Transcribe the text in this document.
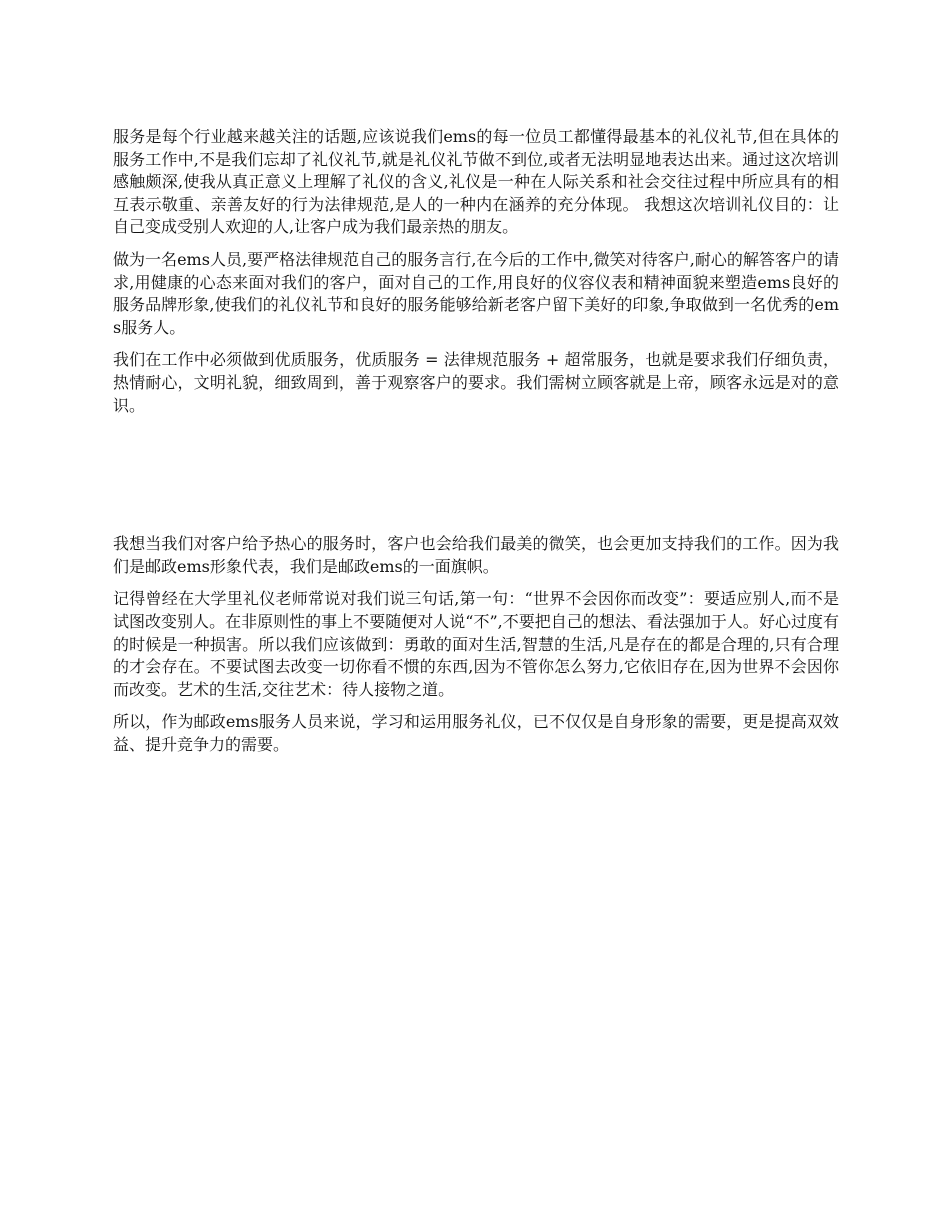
服务是每个行业越来越关注的话题,应该说我们ems的每一位员工都懂得最基本的礼仪礼节,但在具体的服务工作中,不是我们忘却了礼仪礼节,就是礼仪礼节做不到位,或者无法明显地表达出来。通过这次培训感触颇深,使我从真正意义上理解了礼仪的含义,礼仪是一种在人际关系和社会交往过程中所应具有的相互表示敬重、亲善友好的行为法律规范,是人的一种内在涵养的充分体现。 我想这次培训礼仪目的：让自己变成受别人欢迎的人,让客户成为我们最亲热的朋友。

做为一名ems人员,要严格法律规范自己的服务言行,在今后的工作中,微笑对待客户,耐心的解答客户的请求,用健康的心态来面对我们的客户，面对自己的工作,用良好的仪容仪表和精神面貌来塑造ems良好的服务品牌形象,使我们的礼仪礼节和良好的服务能够给新老客户留下美好的印象,争取做到一名优秀的ems服务人。

我们在工作中必须做到优质服务，优质服务 = 法律规范服务 + 超常服务，也就是要求我们仔细负责，热情耐心，文明礼貌，细致周到，善于观察客户的要求。我们需树立顾客就是上帝，顾客永远是对的意识。

我想当我们对客户给予热心的服务时，客户也会给我们最美的微笑，也会更加支持我们的工作。因为我们是邮政ems形象代表，我们是邮政ems的一面旗帜。

记得曾经在大学里礼仪老师常说对我们说三句话,第一句：“世界不会因你而改变”：要适应别人,而不是试图改变别人。在非原则性的事上不要随便对人说“不”,不要把自己的想法、看法强加于人。好心过度有的时候是一种损害。所以我们应该做到：勇敢的面对生活,智慧的生活,凡是存在的都是合理的,只有合理的才会存在。不要试图去改变一切你看不惯的东西,因为不管你怎么努力,它依旧存在,因为世界不会因你而改变。艺术的生活,交往艺术：待人接物之道。

所以，作为邮政ems服务人员来说，学习和运用服务礼仪，已不仅仅是自身形象的需要，更是提高双效益、提升竞争力的需要。
